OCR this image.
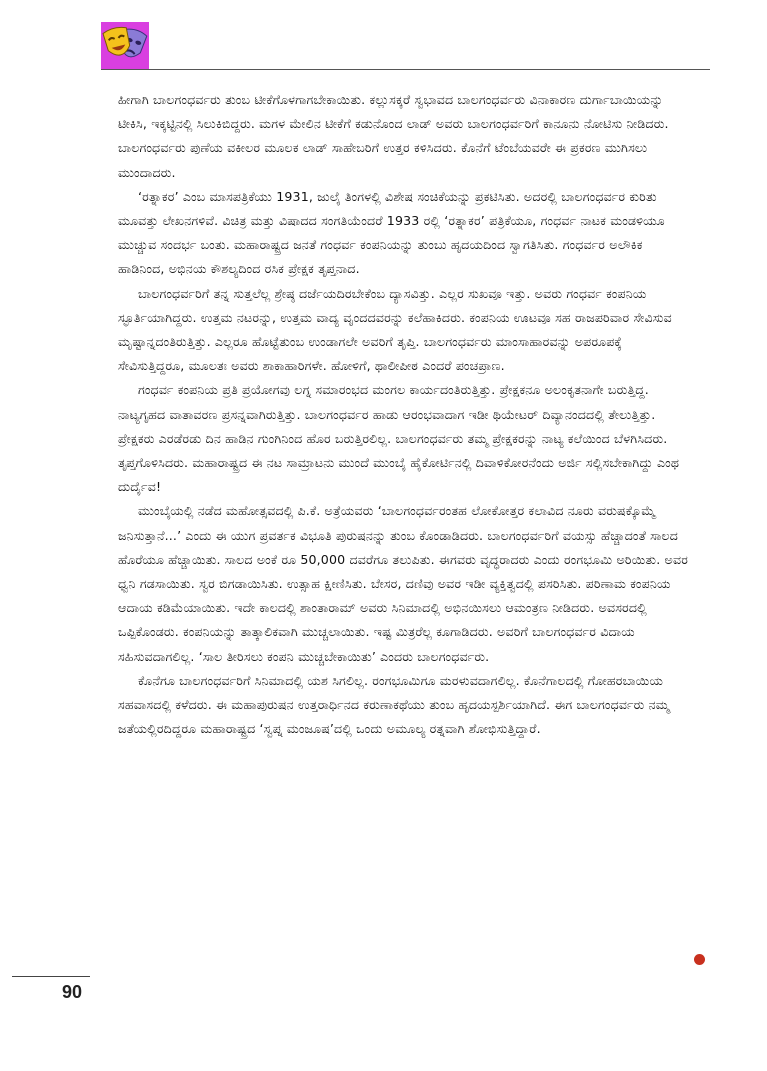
ಹೀಗಾಗಿ ಬಾಲಗಂಧರ್ವರು ತುಂಬ ಟೀಕೆಗೊಳಗಾಗಬೇಕಾಯಿತು. ಕಲ್ಲುಸಕ್ಕರೆ ಸ್ವಭಾವದ ಬಾಲಗಂಧರ್ವರು ವಿನಾಕಾರಣ ದುರ್ಗಾಬಾಯಿಯನ್ನು ಟೀಕಿಸಿ, ಇಕ್ಕಟ್ಟಿನಲ್ಲಿ ಸಿಲುಕಿಬಿದ್ದರು. ಮಗಳ ಮೇಲಿನ ಟೀಕೆಗೆ ಕಡುನೊಂದ ಲಾಡ್ ಅವರು ಬಾಲಗಂಧರ್ವರಿಗೆ ಕಾನೂನು ನೋಟಿಸು ನೀಡಿದರು. ಬಾಲಗಂಧರ್ವರು ಪುಣೆಯ ವಕೀಲರ ಮೂಲಕ ಲಾಡ್ ಸಾಹೇಬರಿಗೆ ಉತ್ತರ ಕಳಿಸಿದರು. ಕೊನೆಗೆ ಟೆಂಬೆಯವರೇ ಈ ಪ್ರಕರಣ ಮುಗಿಸಲು ಮುಂದಾದರು.

‘ರತ್ನಾಕರ’ ಎಂಬ ಮಾಸಪತ್ರಿಕೆಯು 1931, ಜುಲೈ ತಿಂಗಳಲ್ಲಿ ವಿಶೇಷ ಸಂಚಿಕೆಯನ್ನು ಪ್ರಕಟಿಸಿತು. ಅದರಲ್ಲಿ ಬಾಲಗಂಧರ್ವರ ಕುರಿತು ಮೂವತ್ತು ಲೇಖನಗಳಿವೆ. ವಿಚಿತ್ರ ಮತ್ತು ವಿಷಾದದ ಸಂಗತಿಯೆಂದರೆ 1933 ರಲ್ಲಿ ‘ರತ್ನಾಕರ’ ಪತ್ರಿಕೆಯೂ, ಗಂಧರ್ವ ನಾಟಕ ಮಂಡಳಿಯೂ ಮುಚ್ಚುವ ಸಂದರ್ಭ ಬಂತು. ಮಹಾರಾಷ್ಟ್ರದ ಜನತೆ ಗಂಧರ್ವ ಕಂಪನಿಯನ್ನು ತುಂಬು ಹೃದಯದಿಂದ ಸ್ವಾಗತಿಸಿತು. ಗಂಧರ್ವರ ಅಲೌಕಿಕ ಹಾಡಿನಿಂದ, ಅಭಿನಯ ಕೌಶಲ್ಯದಿಂದ ರಸಿಕ ಪ್ರೇಕ್ಷಕ ತೃಪ್ತನಾದ.

ಬಾಲಗಂಧರ್ವರಿಗೆ ತನ್ನ ಸುತ್ತಲೆಲ್ಲ ಶ್ರೇಷ್ಠ ದರ್ಜೆಯದಿರಬೇಕೆಂಬ ದ್ಯಾಸವಿತ್ತು. ಎಲ್ಲರ ಸುಖವೂ ಇತ್ತು. ಅವರು ಗಂಧರ್ವ ಕಂಪನಿಯ ಸ್ಫೂರ್ತಿಯಾಗಿದ್ದರು. ಉತ್ತಮ ನಟರನ್ನು, ಉತ್ತಮ ವಾದ್ಯ ವೃಂದದವರನ್ನು ಕಲೆಹಾಕಿದರು. ಕಂಪನಿಯ ಊಟವೂ ಸಹ ರಾಜಪರಿವಾರ ಸೇವಿಸುವ ಮೃಷ್ಟಾನ್ನದಂತಿರುತ್ತಿತ್ತು. ಎಲ್ಲರೂ ಹೊಟ್ಟೆತುಂಬ ಉಂಡಾಗಲೇ ಅವರಿಗೆ ತೃಪ್ತಿ. ಬಾಲಗಂಧರ್ವರು ಮಾಂಸಾಹಾರವನ್ನು ಅಪರೂಪಕ್ಕೆ ಸೇವಿಸುತ್ತಿದ್ದರೂ, ಮೂಲತಃ ಅವರು ಶಾಕಾಹಾರಿಗಳೇ. ಹೋಳಿಗೆ, ಥಾಲೀಪೀಠ ಎಂದರೆ ಪಂಚಪ್ರಾಣ.

ಗಂಧರ್ವ ಕಂಪನಿಯ ಪ್ರತಿ ಪ್ರಯೋಗವು ಲಗ್ನ ಸಮಾರಂಭದ ಮಂಗಲ ಕಾರ್ಯದಂತಿರುತ್ತಿತ್ತು. ಪ್ರೇಕ್ಷಕನೂ ಅಲಂಕೃತನಾಗೇ ಬರುತ್ತಿದ್ದ. ನಾಟ್ಯಗೃಹದ ವಾತಾವರಣ ಪ್ರಸನ್ನವಾಗಿರುತ್ತಿತ್ತು. ಬಾಲಗಂಧರ್ವರ ಹಾಡು ಆರಂಭವಾದಾಗ ಇಡೀ ಥಿಯೇಟರ್ ದಿವ್ಯಾನಂದದಲ್ಲಿ ತೇಲುತ್ತಿತ್ತು. ಪ್ರೇಕ್ಷಕರು ಎರಡೆರಡು ದಿನ ಹಾಡಿನ ಗುಂಗಿನಿಂದ ಹೊರ ಬರುತ್ತಿರಲಿಲ್ಲ. ಬಾಲಗಂಧರ್ವರು ತಮ್ಮ ಪ್ರೇಕ್ಷಕರನ್ನು ನಾಟ್ಯ ಕಲೆಯಿಂದ ಬೆಳಗಿಸಿದರು. ತೃಪ್ತಗೊಳಿಸಿದರು. ಮಹಾರಾಷ್ಟ್ರದ ಈ ನಟ ಸಾಮ್ರಾಟನು ಮುಂದೆ ಮುಂಬೈ ಹೈಕೋರ್ಟಿನಲ್ಲಿ ದಿವಾಳಿಕೋರನೆಂದು ಅರ್ಜಿ ಸಲ್ಲಿಸಬೇಕಾಗಿದ್ದು ಎಂಥ ದುರ್ದೈವ!

ಮುಂಬೈಯಲ್ಲಿ ನಡೆದ ಮಹೋತ್ಸವದಲ್ಲಿ ಪಿ.ಕೆ. ಅತ್ರೆಯವರು ‘ಬಾಲಗಂಧರ್ವರಂತಹ ಲೋಕೋತ್ತರ ಕಲಾವಿದ ನೂರು ವರುಷಕ್ಕೊಮ್ಮೆ ಜನಿಸುತ್ತಾನೆ...’ ಎಂದು ಈ ಯುಗ ಪ್ರವರ್ತಕ ವಿಭೂತಿ ಪುರುಷನನ್ನು ತುಂಬ ಕೊಂಡಾಡಿದರು. ಬಾಲಗಂಧರ್ವರಿಗೆ ವಯಸ್ಸು ಹೆಚ್ಚಾದಂತೆ ಸಾಲದ ಹೊರೆಯೂ ಹೆಚ್ಚಾಯಿತು. ಸಾಲದ ಅಂಕೆ ರೂ 50,000 ದವರೆಗೂ ತಲುಪಿತು. ಈಗವರು ವೃದ್ಧರಾದರು ಎಂದು ರಂಗಭೂಮಿ ಅರಿಯಿತು. ಅವರ ಧ್ವನಿ ಗಡಸಾಯಿತು. ಸ್ವರ ಬಿಗಡಾಯಿಸಿತು. ಉತ್ಸಾಹ ಕ್ಷೀಣಿಸಿತು. ಬೇಸರ, ದಣಿವು ಅವರ ಇಡೀ ವ್ಯಕ್ತಿತ್ವದಲ್ಲಿ ಪಸರಿಸಿತು. ಪರಿಣಾಮ ಕಂಪನಿಯ ಆದಾಯ ಕಡಿಮೆಯಾಯಿತು. ಇದೇ ಕಾಲದಲ್ಲಿ ಶಾಂತಾರಾಮ್ ಅವರು ಸಿನಿಮಾದಲ್ಲಿ ಅಭಿನಯಿಸಲು ಆಮಂತ್ರಣ ನೀಡಿದರು. ಅವಸರದಲ್ಲಿ ಒಪ್ಪಿಕೊಂಡರು. ಕಂಪನಿಯನ್ನು ತಾತ್ಕಾಲಿಕವಾಗಿ ಮುಚ್ಚಲಾಯಿತು. ಇಷ್ಟ ಮಿತ್ರರೆಲ್ಲ ಕೂಗಾಡಿದರು. ಅವರಿಗೆ ಬಾಲಗಂಧರ್ವರ ವಿದಾಯ ಸಹಿಸುವದಾಗಲಿಲ್ಲ. ‘ಸಾಲ ತೀರಿಸಲು ಕಂಪನಿ ಮುಚ್ಚಬೇಕಾಯಿತು’ ಎಂದರು ಬಾಲಗಂಧರ್ವರು.

ಕೊನೆಗೂ ಬಾಲಗಂಧರ್ವರಿಗೆ ಸಿನಿಮಾದಲ್ಲಿ ಯಶ ಸಿಗಲಿಲ್ಲ. ರಂಗಭೂಮಿಗೂ ಮರಳುವದಾಗಲಿಲ್ಲ. ಕೊನೆಗಾಲದಲ್ಲಿ ಗೋಹರಬಾಯಿಯ ಸಹವಾಸದಲ್ಲಿ ಕಳೆದರು. ಈ ಮಹಾಪುರುಷನ ಉತ್ತರಾರ್ಧಿನದ ಕರುಣಾಕಥೆಯು ತುಂಬ ಹೃದಯಸ್ಪರ್ಶಿಯಾಗಿದೆ. ಈಗ ಬಾಲಗಂಧರ್ವರು ನಮ್ಮ ಜತೆಯಲ್ಲಿರದಿದ್ದರೂ ಮಹಾರಾಷ್ಟ್ರದ ‘ಸ್ವಪ್ನ ಮಂಜೂಷ’ದಲ್ಲಿ ಒಂದು ಅಮೂಲ್ಯ ರತ್ನವಾಗಿ ಶೋಭಿಸುತ್ತಿದ್ದಾರೆ.

90
